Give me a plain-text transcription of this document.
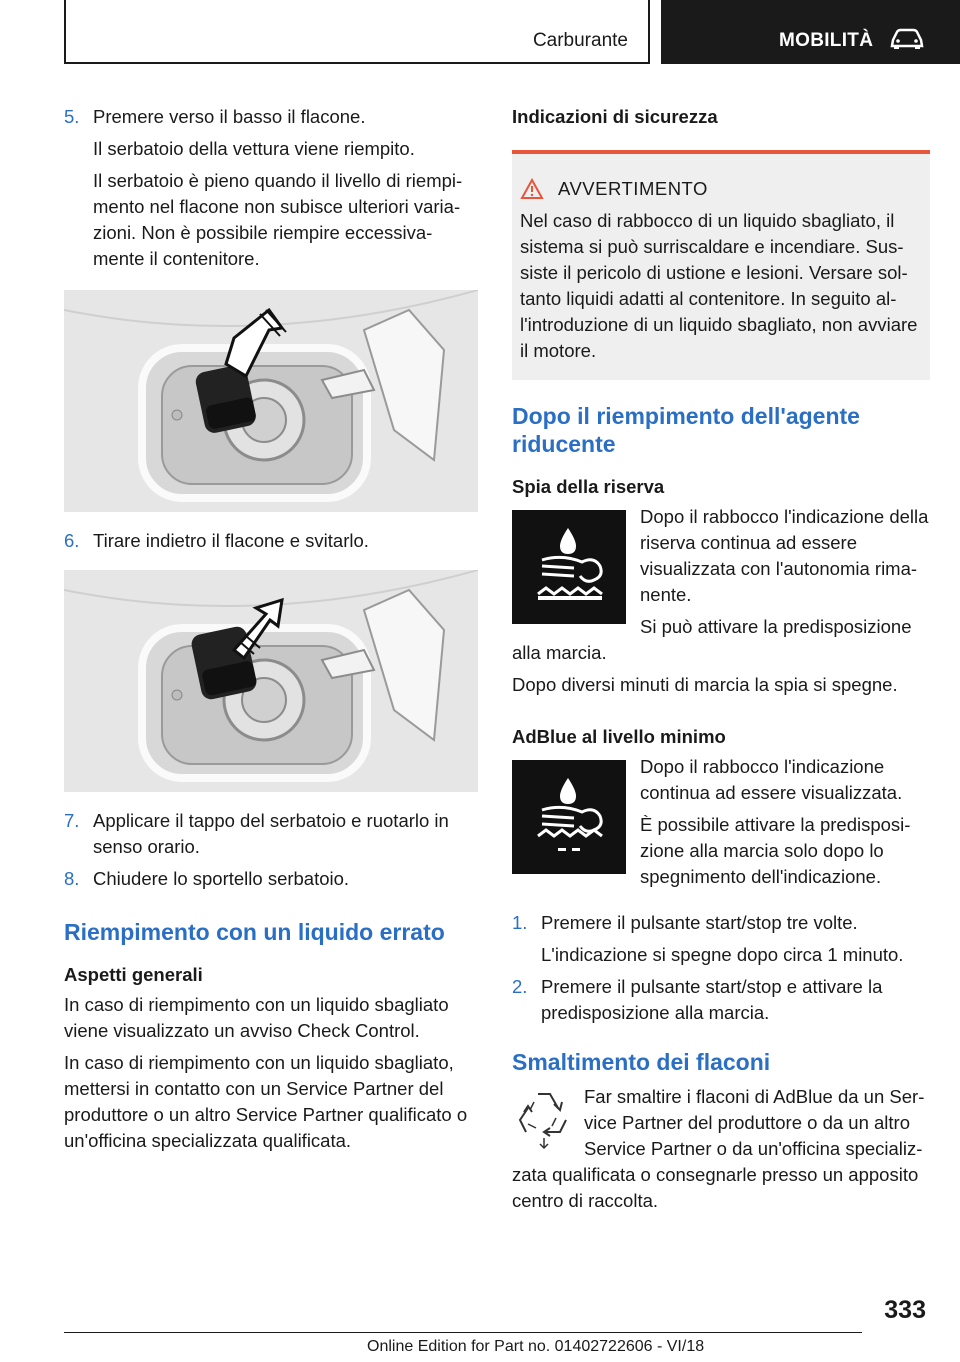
Carburante	MOBILITÀ
5. Premere verso il basso il flacone.

Il serbatoio della vettura viene riempito.

Il serbatoio è pieno quando il livello di riempi‐ mento nel flacone non subisce ulteriori varia‐ zioni. Non è possibile riempire eccessiva‐ mente il contenitore.

6. Tirare indietro il flacone e svitarlo.
7. Applicare il tappo del serbatoio e ruotarlo in senso orario.
8. Chiudere lo sportello serbatoio.
Riempimento con un liquido errato
Aspetti generali

In caso di riempimento con un liquido sbagliato viene visualizzato un avviso Check Control.

In caso di riempimento con un liquido sbagliato, mettersi in contatto con un Service Partner del produttore o un altro Service Partner qualificato o un'officina specializzata qualificata.

Indicazioni di sicurezza
AVVERTIMENTO

Nel caso di rabbocco di un liquido sbagliato, il sistema si può surriscaldare e incendiare. Sus‐ siste il pericolo di ustione e lesioni. Versare sol‐ tanto liquidi adatti al contenitore. In seguito al‐ l'introduzione di un liquido sbagliato, non avviare il motore.

Dopo il riempimento dell'agente riducente
Spia della riserva

Dopo il rabbocco l'indicazione della riserva continua ad essere visualizzata con l'autonomia rima‐ nente.

Si può attivare la predisposizione alla marcia.

Dopo diversi minuti di marcia la spia si spegne.

AdBlue al livello minimo

Dopo il rabbocco l'indicazione continua ad essere visualizzata.

È possibile attivare la predisposi‐ zione alla marcia solo dopo lo spegnimento dell'indicazione.

1. Premere il pulsante start/stop tre volte.

L'indicazione si spegne dopo circa 1 minuto.

2. Premere il pulsante start/stop e attivare la predisposizione alla marcia.
Smaltimento dei flaconi

Far smaltire i flaconi di AdBlue da un Ser‐ vice Partner del produttore o da un altro Service Partner o da un'officina specializ‐ zata qualificata o consegnarle presso un apposito centro di raccolta.

333
Online Edition for Part no. 01402722606 - VI/18
